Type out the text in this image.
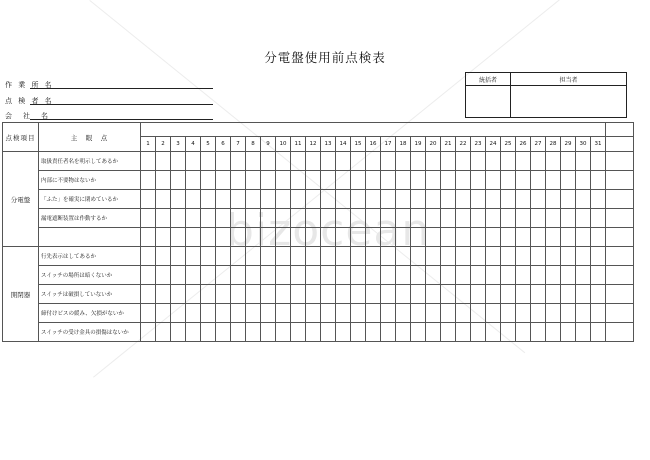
bizocean
分電盤使用前点検表
作 業 所 名
点 検 者 名
会　社　名
統括者	担当者

点検項目	主　眼　点																																
		1	2	3	4	5	6	7	8	9	10	11	12	13	14	15	16	17	18	19	20	21	22	23	24	25	26	27	28	29	30	31	
分電盤	取扱責任者名を明示してあるか																																
	内部に不要物はないか																																
	「ふた」を確実に閉めているか																																
	漏電遮断装置は作動するか																																

開閉器	行先表示はしてあるか																																
	スイッチの場所は暗くないか																																
	スイッチは破損していないか																																
	締付けビスの緩み、欠損がないか																																
	スイッチの受け金具の損傷はないか																																
